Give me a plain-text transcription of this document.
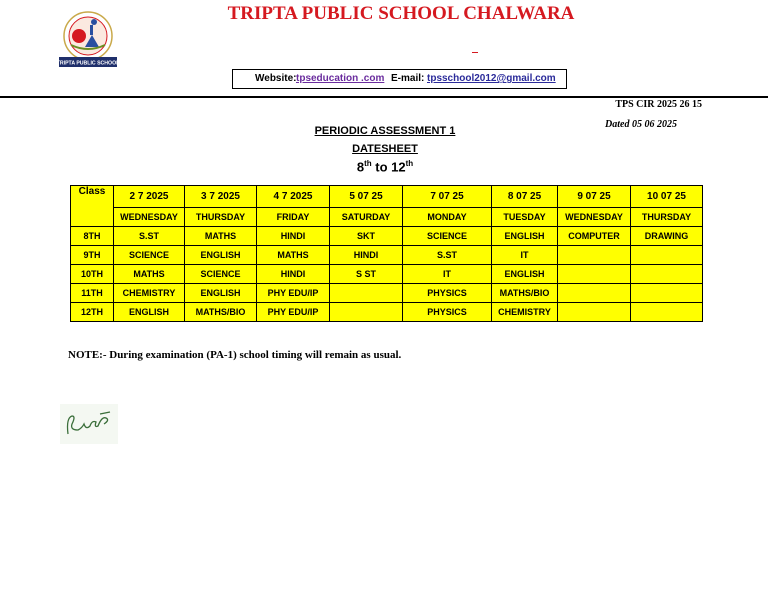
TRIPTA PUBLIC SCHOOL
TRIPTA PUBLIC SCHOOL CHALWARA
Website: tpseducation .com E-mail: tpsschool2012@gmail.com
TPS CIR 2025 26 15
Dated 05 06 2025
PERIODIC ASSESSMENT 1
DATESHEET
8th to 12th
Class	2 7 2025	3 7 2025	4 7 2025	5 07 25	7 07 25	8 07 25	9 07 25	10 07 25
	WEDNESDAY	THURSDAY	FRIDAY	SATURDAY	MONDAY	TUESDAY	WEDNESDAY	THURSDAY
8TH	S.ST	MATHS	HINDI	SKT	SCIENCE	ENGLISH	COMPUTER	DRAWING
9TH	SCIENCE	ENGLISH	MATHS	HINDI	S.ST	IT		
10TH	MATHS	SCIENCE	HINDI	S ST	IT	ENGLISH		
11TH	CHEMISTRY	ENGLISH	PHY EDU/IP		PHYSICS	MATHS/BIO		
12TH	ENGLISH	MATHS/BIO	PHY EDU/IP		PHYSICS	CHEMISTRY		
NOTE:- During examination (PA-1) school timing will remain as usual.
